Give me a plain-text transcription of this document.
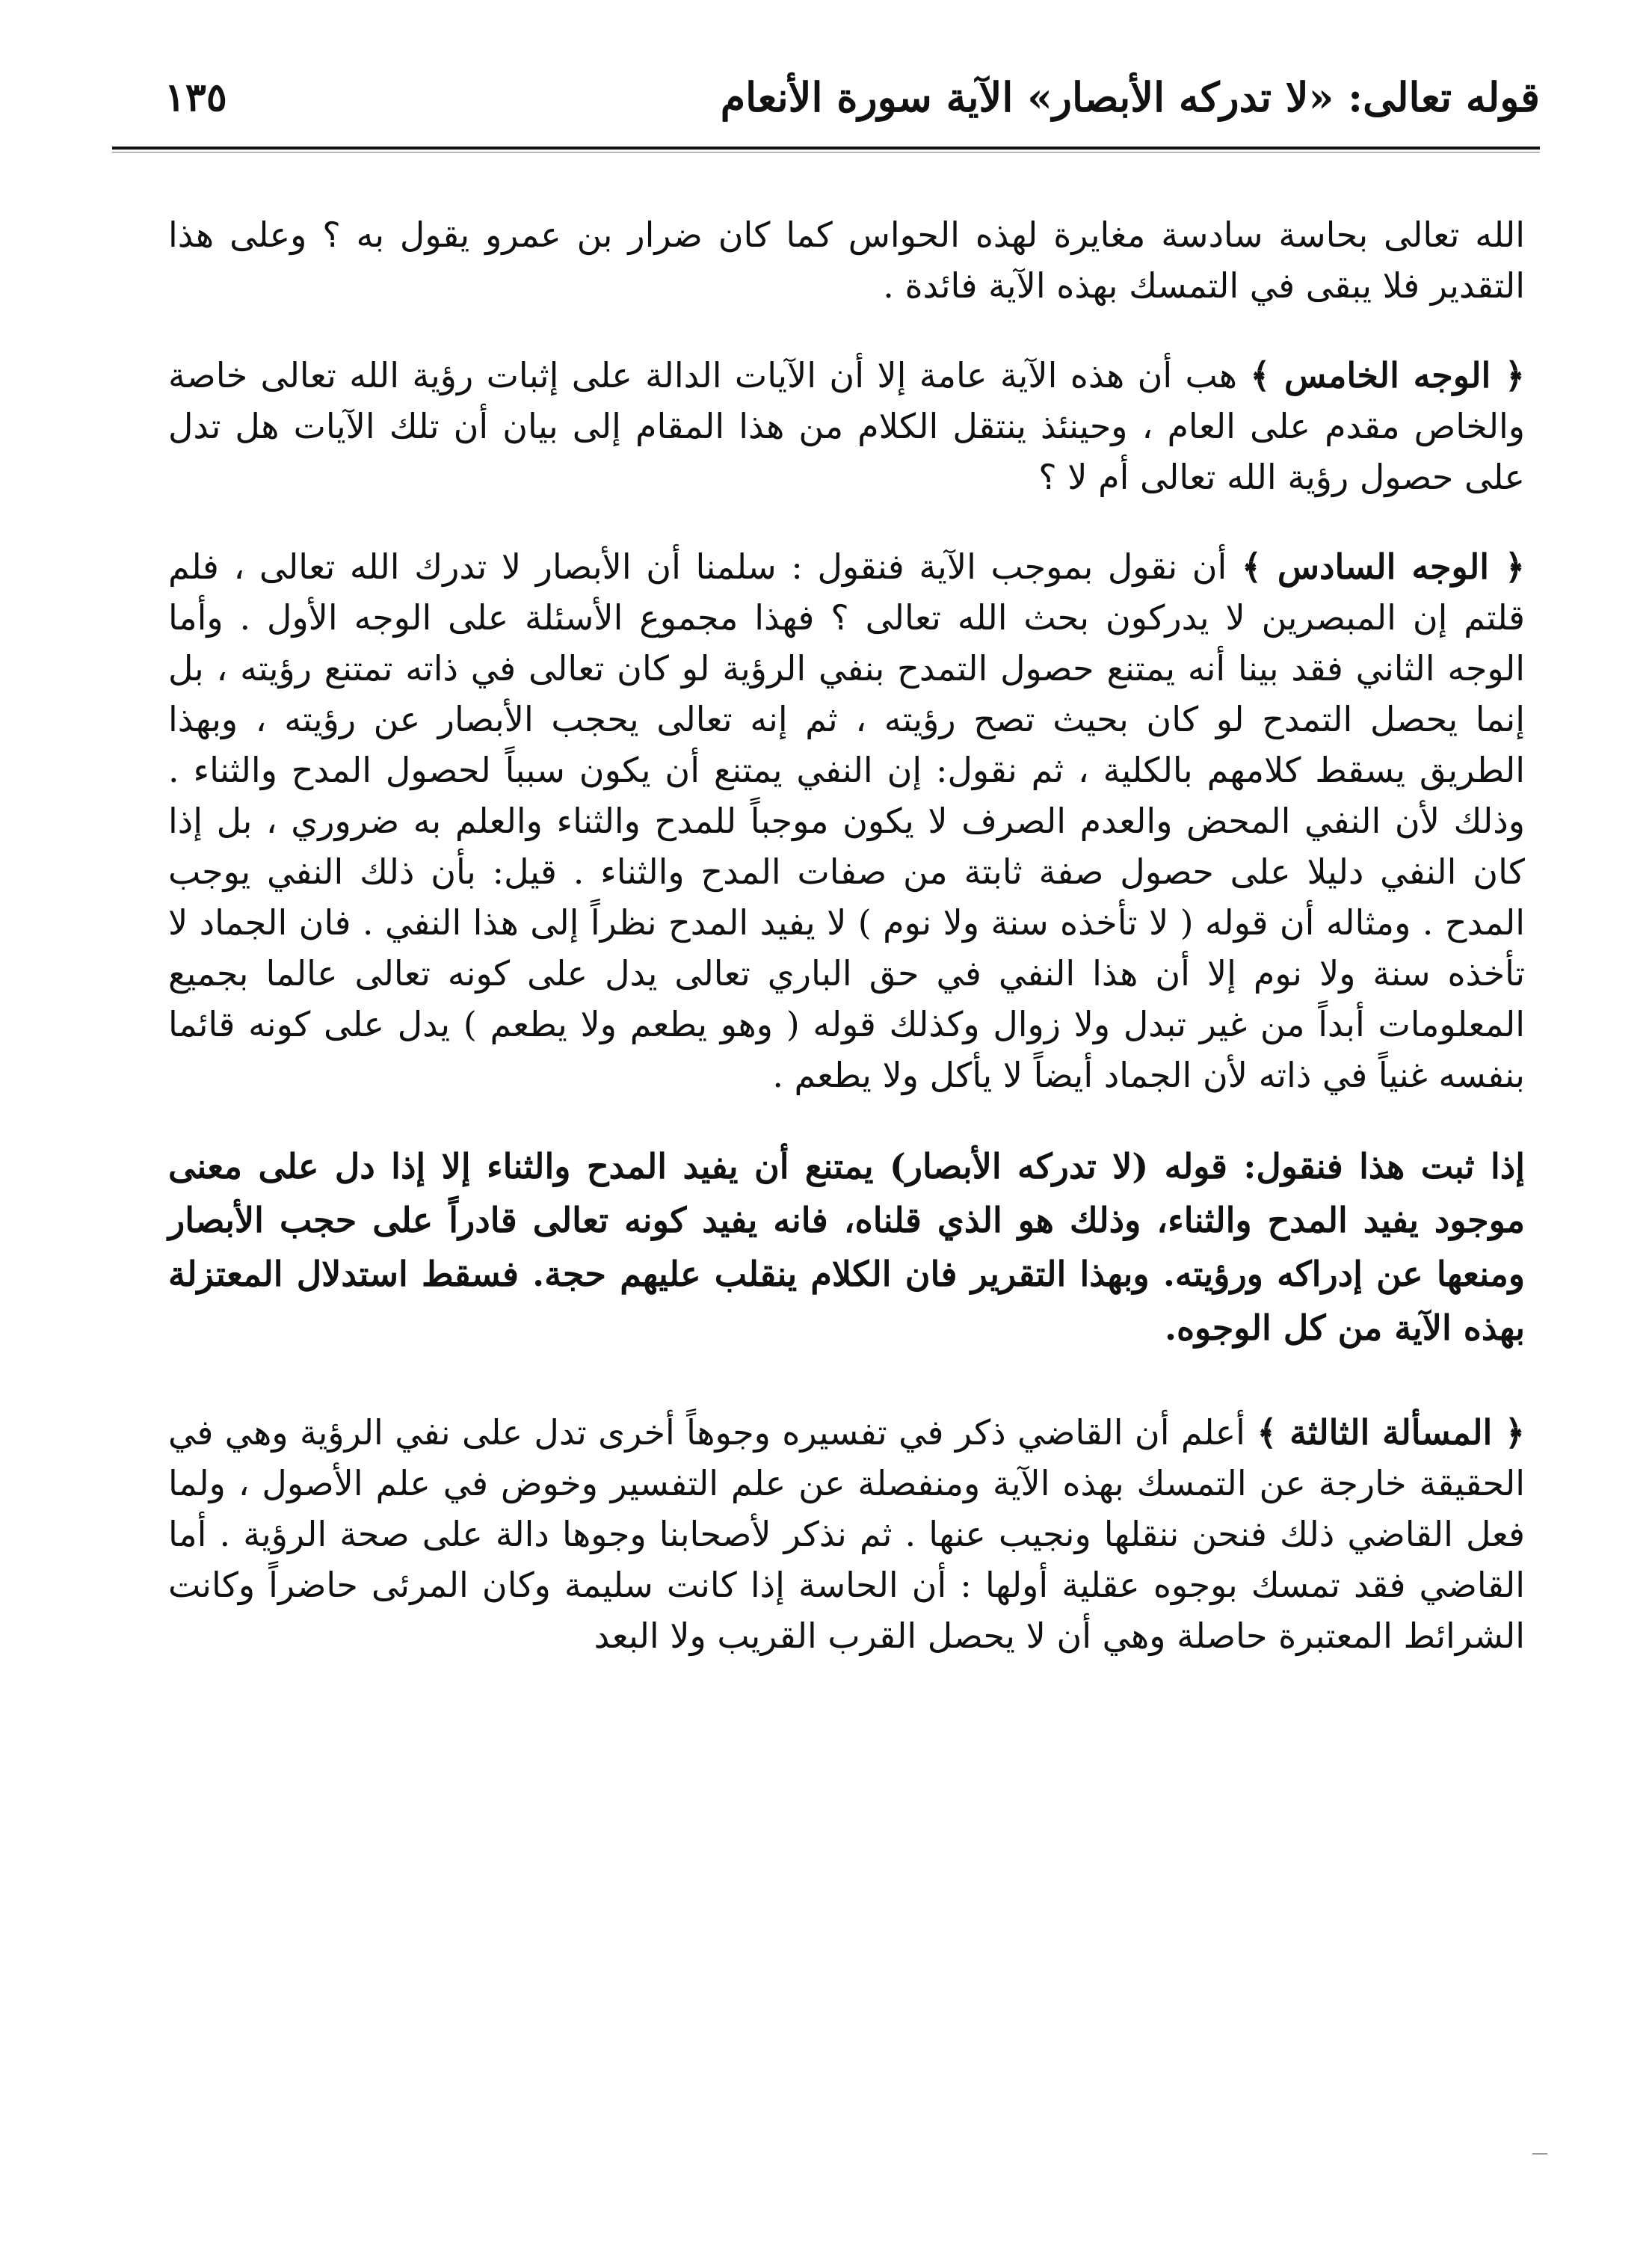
قوله تعالى: «لا تدركه الأبصار» الآية سورة الأنعام
١٣٥

الله تعالى بحاسة سادسة مغايرة لهذه الحواس كما كان ضرار بن عمرو يقول به ؟ وعلى هذا التقدير فلا يبقى في التمسك بهذه الآية فائدة .

﴿ الوجه الخامس ﴾ هب أن هذه الآية عامة إلا أن الآيات الدالة على إثبات رؤية الله تعالى خاصة والخاص مقدم على العام ، وحينئذ ينتقل الكلام من هذا المقام إلى بيان أن تلك الآيات هل تدل على حصول رؤية الله تعالى أم لا ؟

﴿ الوجه السادس ﴾ أن نقول بموجب الآية فنقول : سلمنا أن الأبصار لا تدرك الله تعالى ، فلم قلتم إن المبصرين لا يدركون بحث الله تعالى ؟ فهذا مجموع الأسئلة على الوجه الأول . وأما الوجه الثاني فقد بينا أنه يمتنع حصول التمدح بنفي الرؤية لو كان تعالى في ذاته تمتنع رؤيته ، بل إنما يحصل التمدح لو كان بحيث تصح رؤيته ، ثم إنه تعالى يحجب الأبصار عن رؤيته ، وبهذا الطريق يسقط كلامهم بالكلية ، ثم نقول: إن النفي يمتنع أن يكون سبباً لحصول المدح والثناء . وذلك لأن النفي المحض والعدم الصرف لا يكون موجباً للمدح والثناء والعلم به ضروري ، بل إذا كان النفي دليلا على حصول صفة ثابتة من صفات المدح والثناء . قيل: بأن ذلك النفي يوجب المدح . ومثاله أن قوله ( لا تأخذه سنة ولا نوم ) لا يفيد المدح نظراً إلى هذا النفي . فان الجماد لا تأخذه سنة ولا نوم إلا أن هذا النفي في حق الباري تعالى يدل على كونه تعالى عالما بجميع المعلومات أبداً من غير تبدل ولا زوال وكذلك قوله ( وهو يطعم ولا يطعم ) يدل على كونه قائما بنفسه غنياً في ذاته لأن الجماد أيضاً لا يأكل ولا يطعم .

إذا ثبت هذا فنقول: قوله (لا تدركه الأبصار) يمتنع أن يفيد المدح والثناء إلا إذا دل على معنى موجود يفيد المدح والثناء، وذلك هو الذي قلناه، فانه يفيد كونه تعالى قادراً على حجب الأبصار ومنعها عن إدراكه ورؤيته. وبهذا التقرير فان الكلام ينقلب عليهم حجة. فسقط استدلال المعتزلة بهذه الآية من كل الوجوه.

﴿ المسألة الثالثة ﴾ أعلم أن القاضي ذكر في تفسيره وجوهاً أخرى تدل على نفي الرؤية وهي في الحقيقة خارجة عن التمسك بهذه الآية ومنفصلة عن علم التفسير وخوض في علم الأصول ، ولما فعل القاضي ذلك فنحن ننقلها ونجيب عنها . ثم نذكر لأصحابنا وجوها دالة على صحة الرؤية . أما القاضي فقد تمسك بوجوه عقلية أولها : أن الحاسة إذا كانت سليمة وكان المرئى حاضراً وكانت الشرائط المعتبرة حاصلة وهي أن لا يحصل القرب القريب ولا البعد
